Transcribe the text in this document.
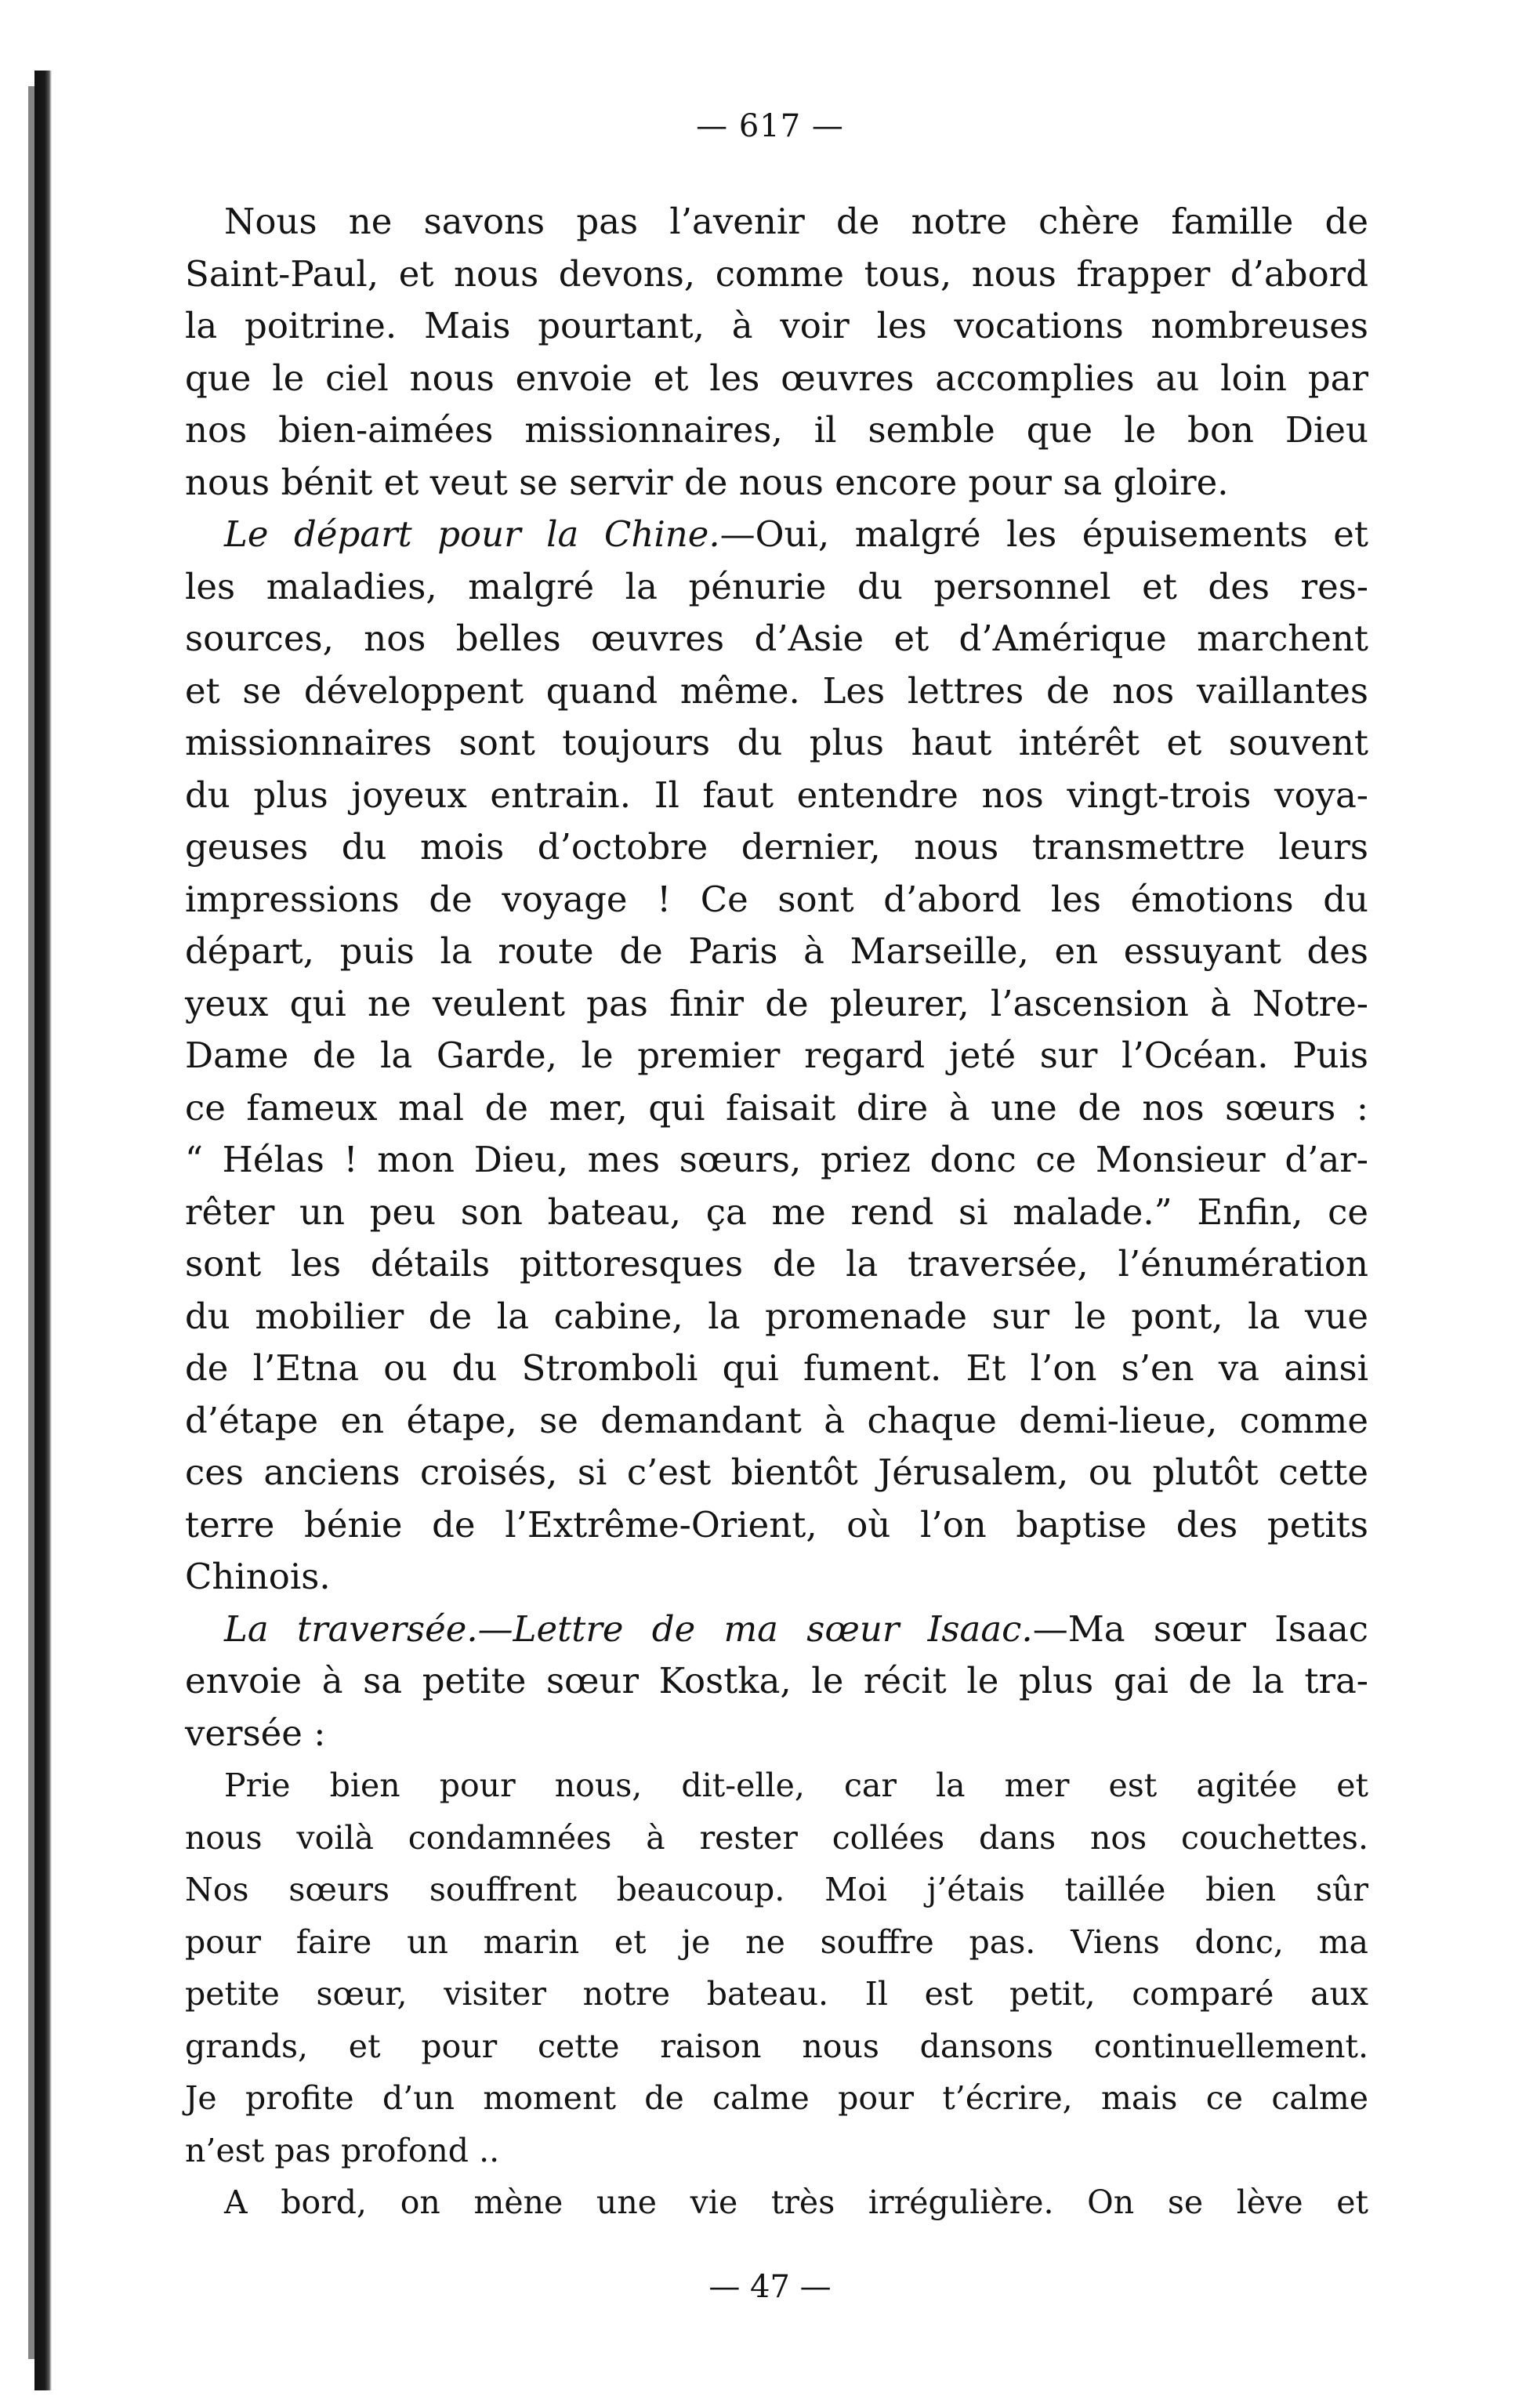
— 617 —
Nous ne savons pas l’avenir de notre chère famille de
Saint-Paul, et nous devons, comme tous, nous frapper d’abord
la poitrine. Mais pourtant, à voir les vocations nombreuses
que le ciel nous envoie et les œuvres accomplies au loin par
nos bien-aimées missionnaires, il semble que le bon Dieu
nous bénit et veut se servir de nous encore pour sa gloire.
Le départ pour la Chine.—Oui, malgré les épuisements et
les maladies, malgré la pénurie du personnel et des res-
sources, nos belles œuvres d’Asie et d’Amérique marchent
et se développent quand même. Les lettres de nos vaillantes
missionnaires sont toujours du plus haut intérêt et souvent
du plus joyeux entrain. Il faut entendre nos vingt-trois voya-
geuses du mois d’octobre dernier, nous transmettre leurs
impressions de voyage ! Ce sont d’abord les émotions du
départ, puis la route de Paris à Marseille, en essuyant des
yeux qui ne veulent pas finir de pleurer, l’ascension à Notre-
Dame de la Garde, le premier regard jeté sur l’Océan. Puis
ce fameux mal de mer, qui faisait dire à une de nos sœurs :
“ Hélas ! mon Dieu, mes sœurs, priez donc ce Monsieur d’ar-
rêter un peu son bateau, ça me rend si malade.” Enfin, ce
sont les détails pittoresques de la traversée, l’énumération
du mobilier de la cabine, la promenade sur le pont, la vue
de l’Etna ou du Stromboli qui fument. Et l’on s’en va ainsi
d’étape en étape, se demandant à chaque demi-lieue, comme
ces anciens croisés, si c’est bientôt Jérusalem, ou plutôt cette
terre bénie de l’Extrême-Orient, où l’on baptise des petits
Chinois.
La traversée.—Lettre de ma sœur Isaac.—Ma sœur Isaac
envoie à sa petite sœur Kostka, le récit le plus gai de la tra-
versée :
Prie bien pour nous, dit-elle, car la mer est agitée et
nous voilà condamnées à rester collées dans nos couchettes.
Nos sœurs souffrent beaucoup. Moi j’étais taillée bien sûr
pour faire un marin et je ne souffre pas. Viens donc, ma
petite sœur, visiter notre bateau. Il est petit, comparé aux
grands, et pour cette raison nous dansons continuellement.
Je profite d’un moment de calme pour t’écrire, mais ce calme
n’est pas profond ..
A bord, on mène une vie très irrégulière. On se lève et
— 47 —
